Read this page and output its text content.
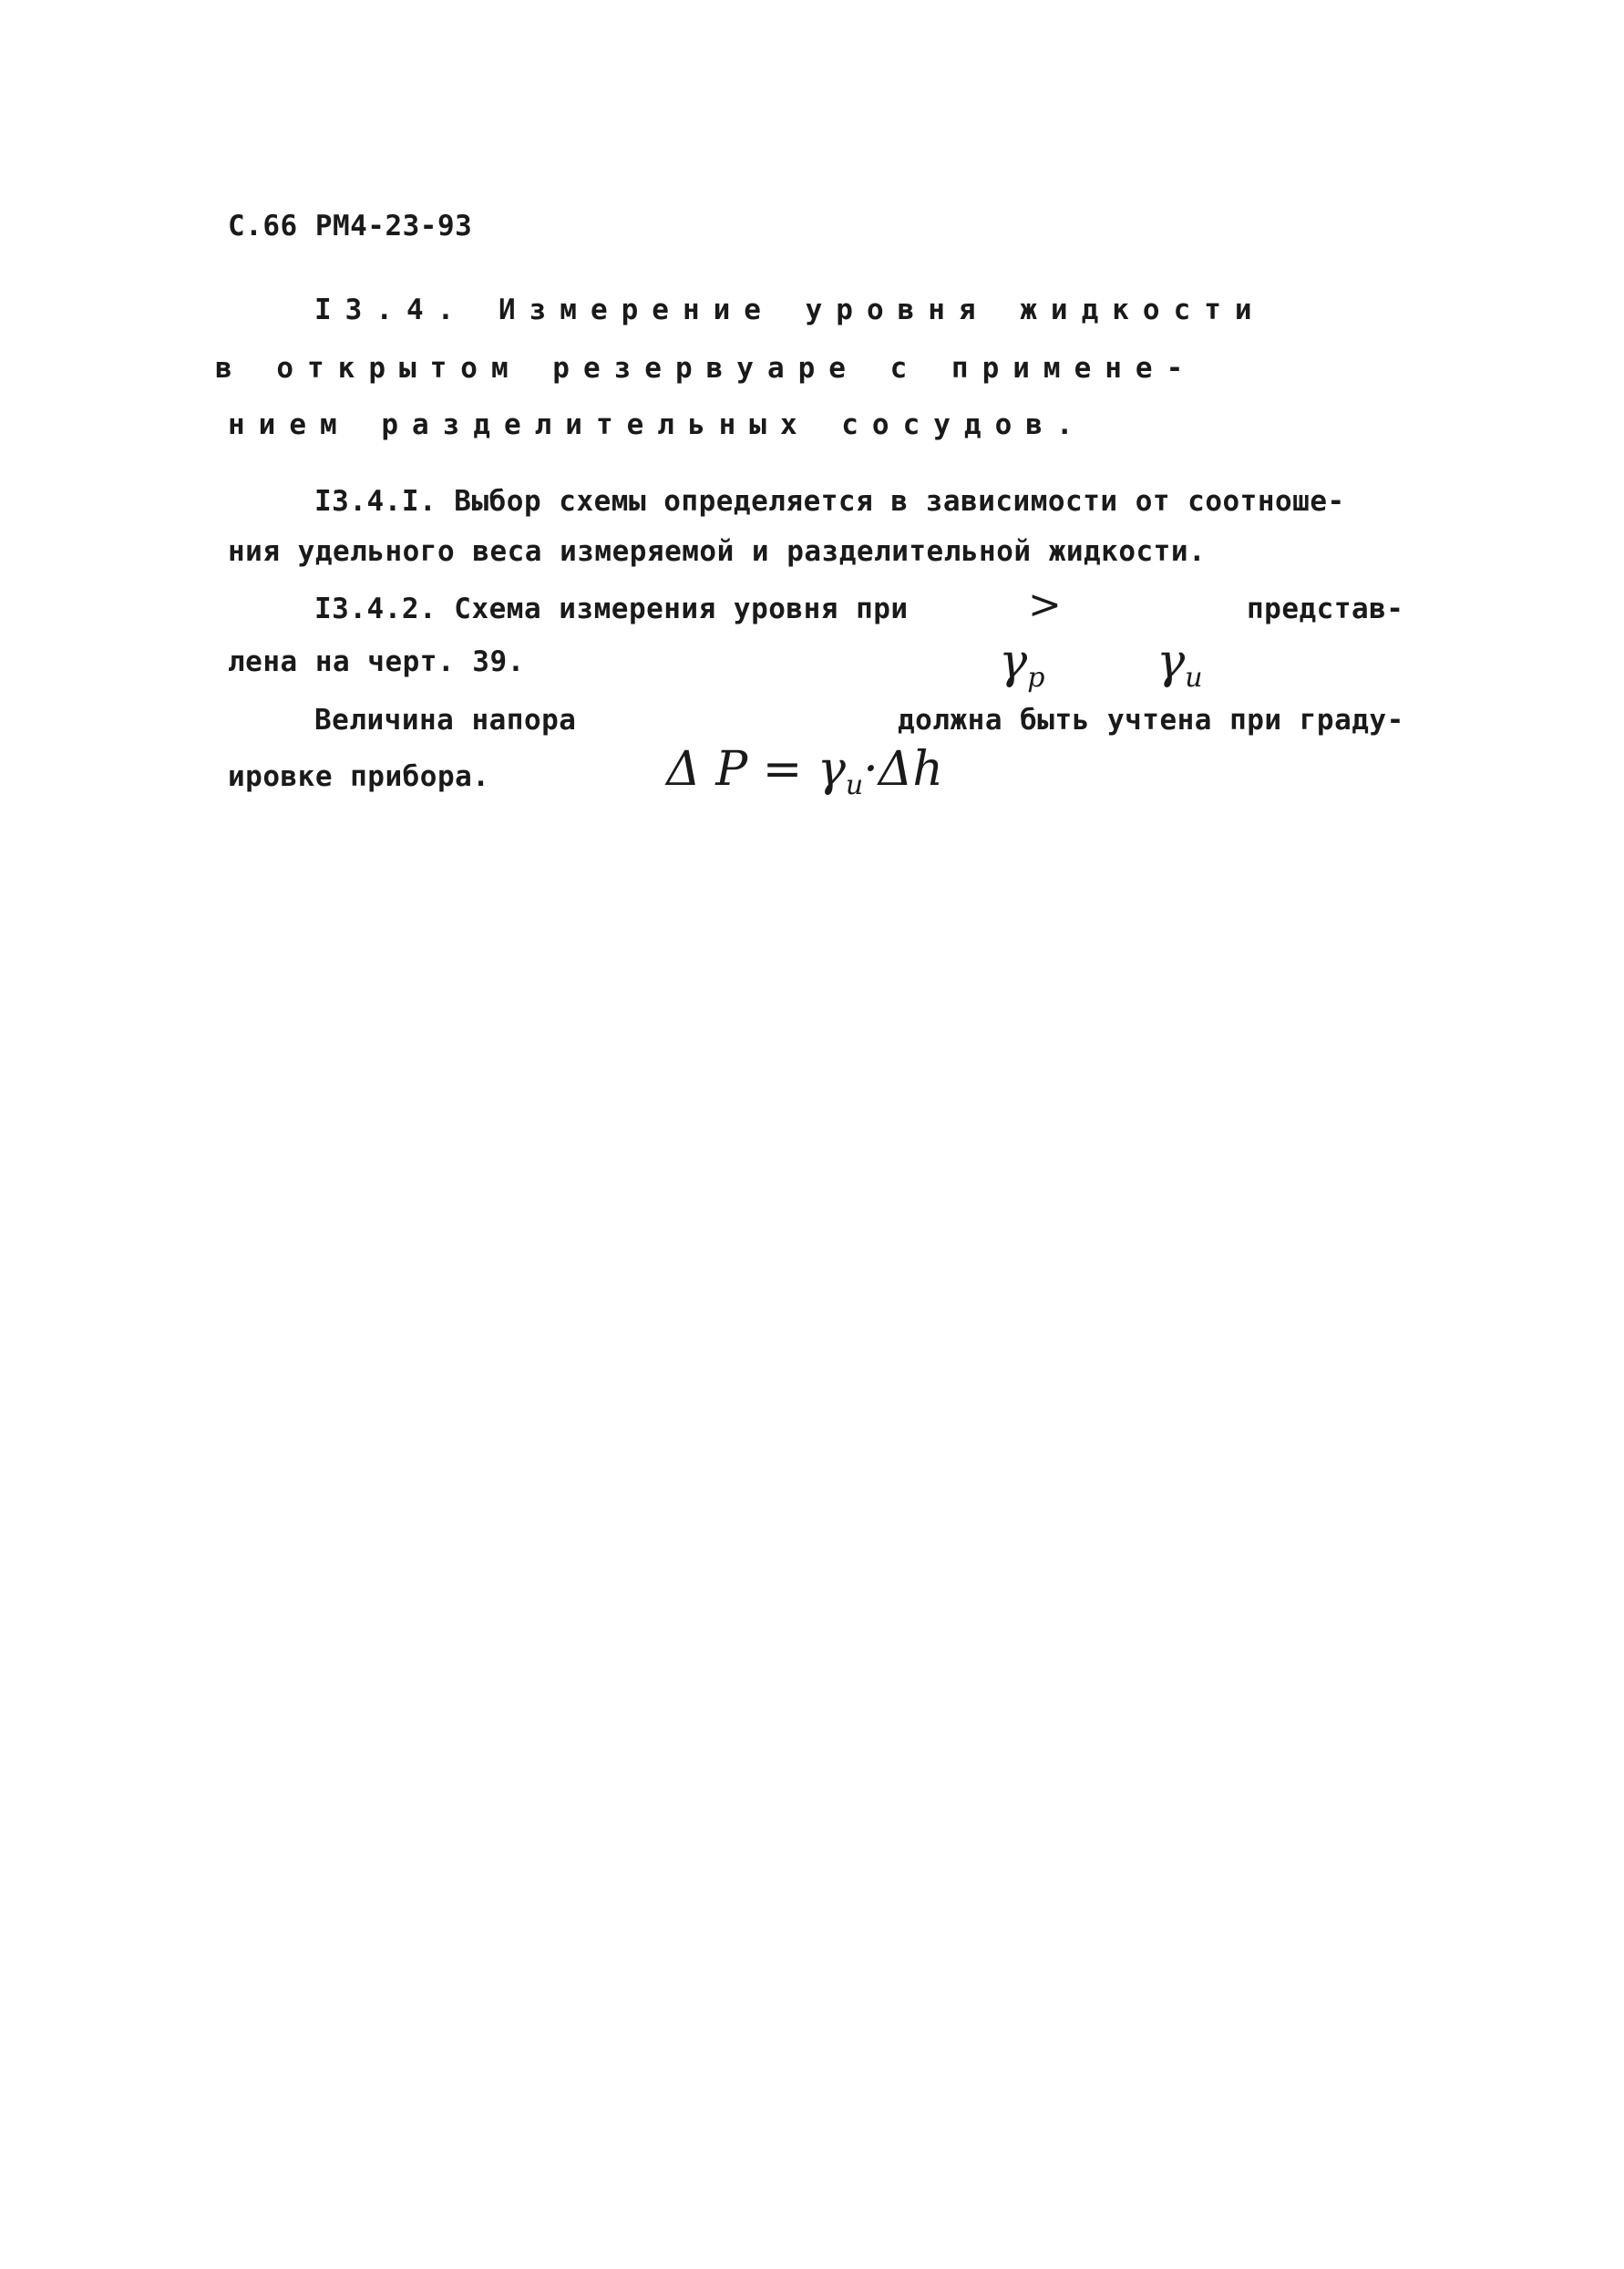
С.66 РМ4-23-93
I3.4. Измерение уровня жидкости
в открытом резервуаре с примене-
нием разделительных сосудов.
I3.4.I. Выбор схемы определяется в зависимости от соотноше-
ния удельного веса измеряемой и разделительной жидкости.
I3.4.2. Схема измерения уровня при

$\gamma_р$

>

$\gamma_и$

представ-
лена на черт. 39.
Величина напора

Δ $P = \gamma_и\cdot\Delta h$

должна быть учтена при граду-
ировке прибора.
